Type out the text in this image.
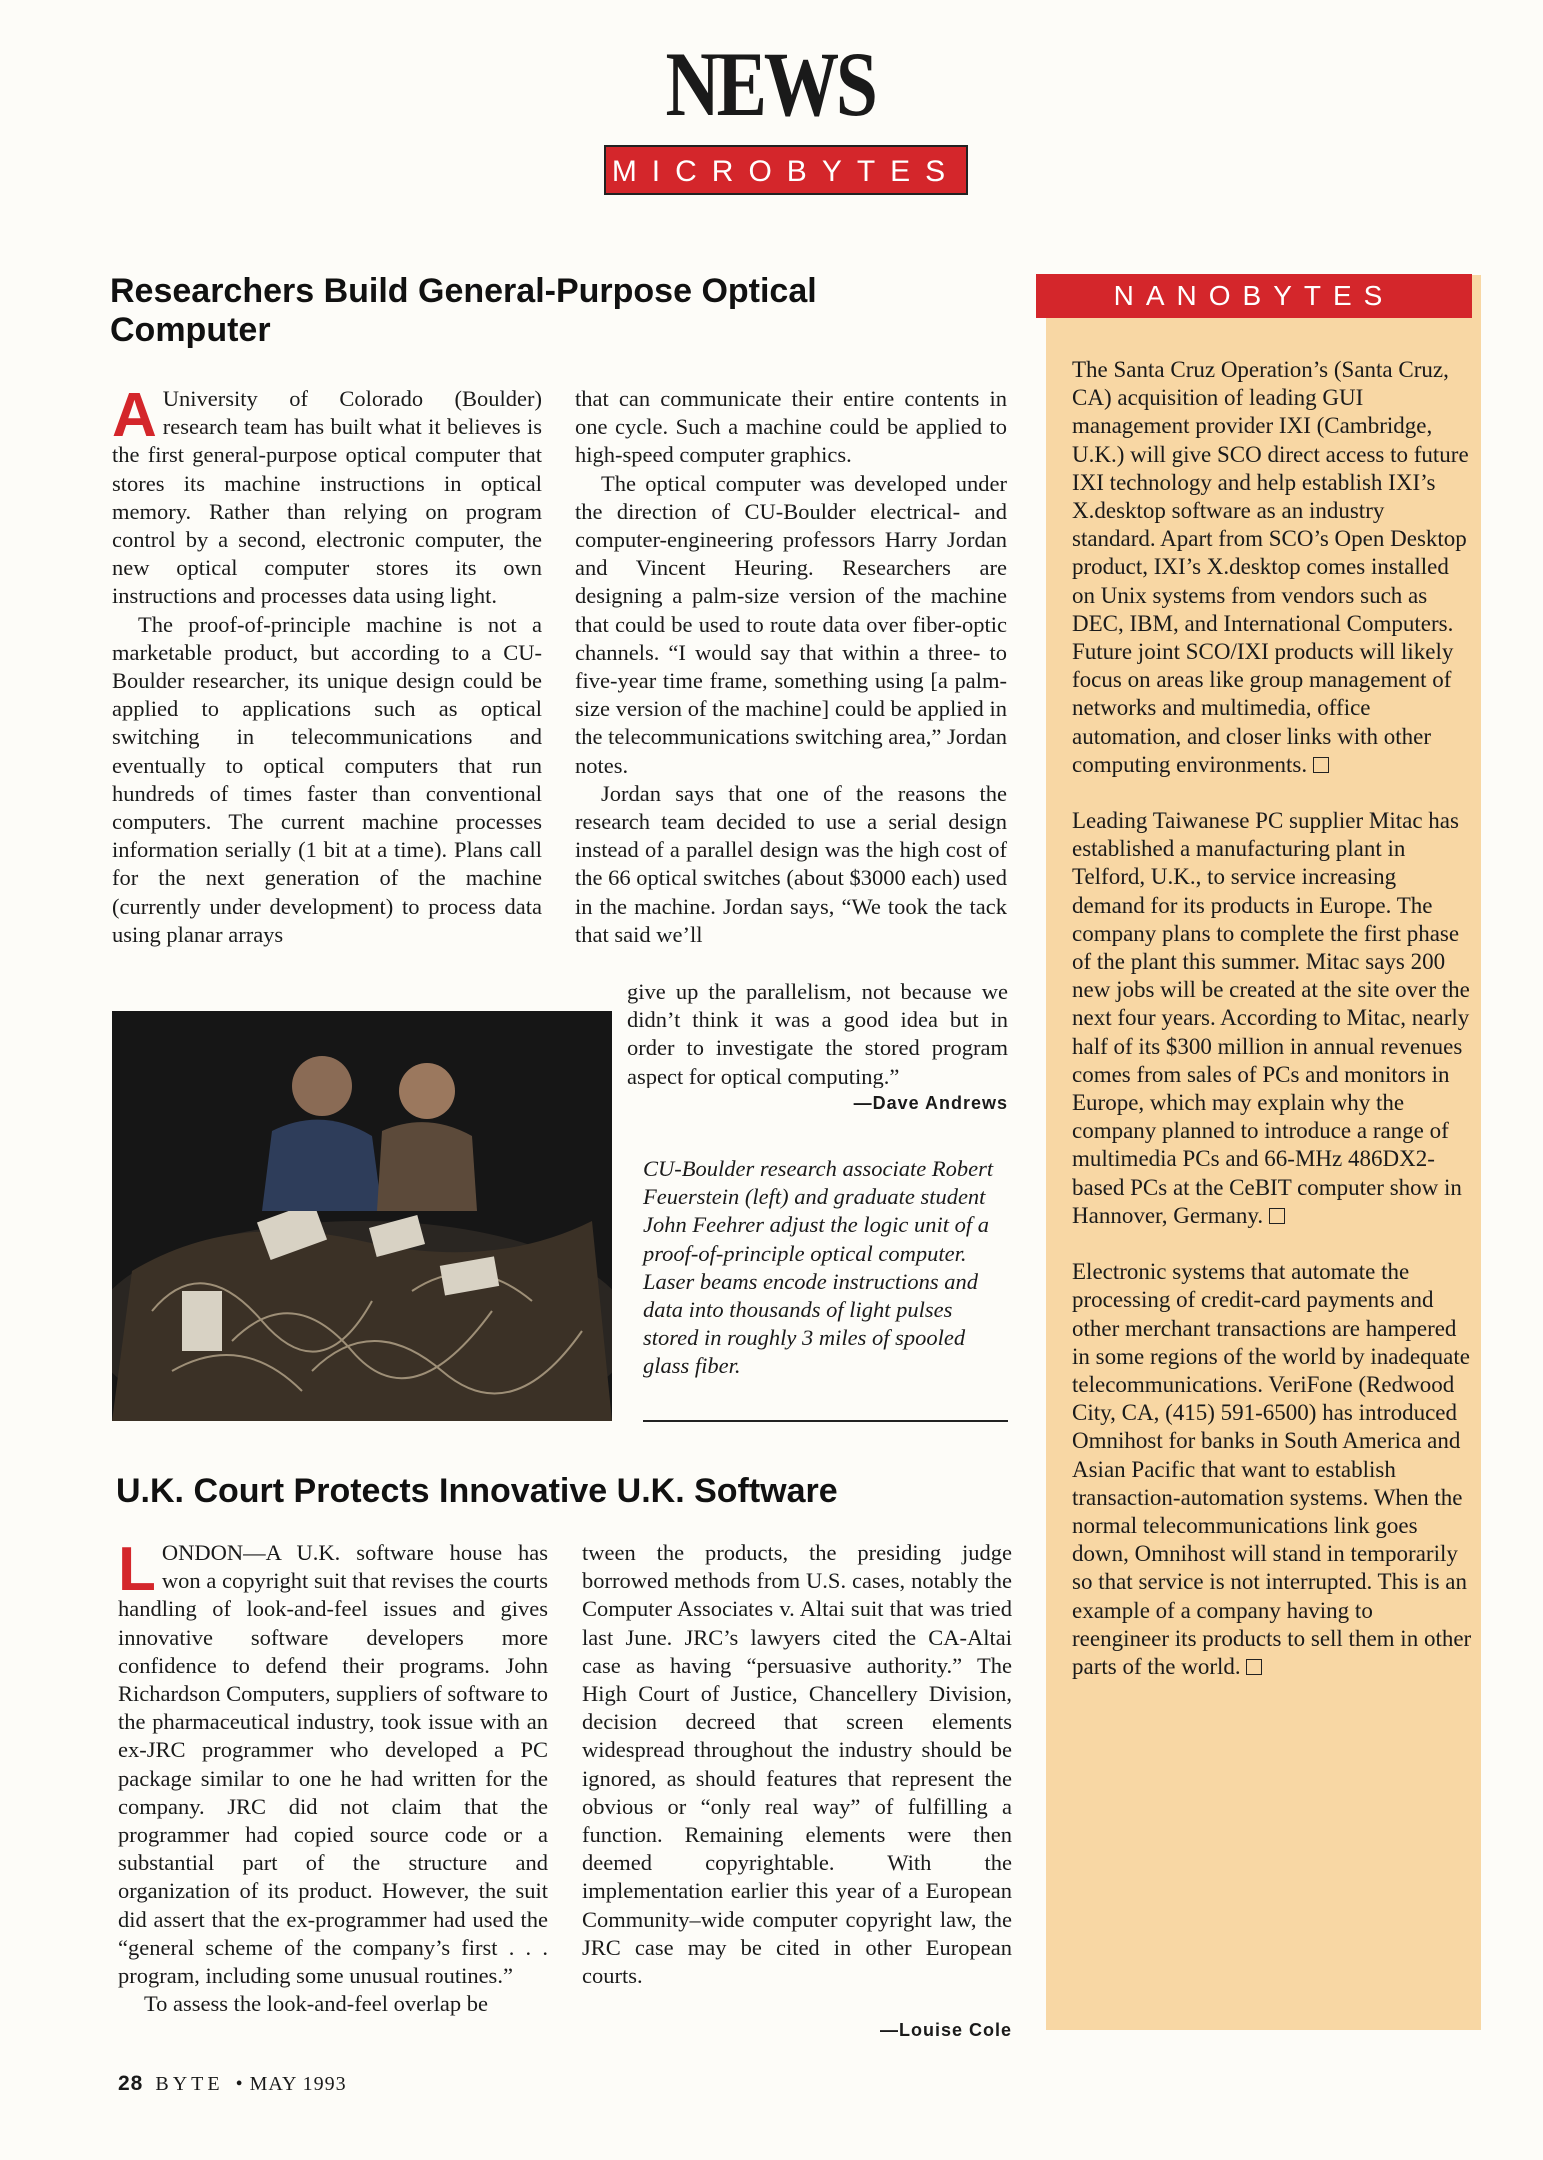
NEWS
MICROBYTES
Researchers Build General-Purpose Optical Computer

A University of Colorado (Boulder) research team has built what it believes is the first general-purpose optical computer that stores its machine instructions in optical memory. Rather than relying on program control by a second, electronic computer, the new optical computer stores its own instructions and processes data using light.

The proof-of-principle machine is not a marketable product, but according to a CU-Boulder researcher, its unique design could be applied to applications such as optical switching in telecommunications and eventually to optical computers that run hundreds of times faster than conventional computers. The current machine processes information serially (1 bit at a time). Plans call for the next generation of the machine (currently under development) to process data using planar arrays

that can communicate their entire contents in one cycle. Such a machine could be applied to high-speed computer graphics.

The optical computer was developed under the direction of CU-Boulder electrical- and computer-engineering professors Harry Jordan and Vincent Heuring. Researchers are designing a palm-size version of the machine that could be used to route data over fiber-optic channels. “I would say that within a three- to five-year time frame, something using [a palm-size version of the machine] could be applied in the telecommunications switching area,” Jordan notes.

Jordan says that one of the reasons the research team decided to use a serial design instead of a parallel design was the high cost of the 66 optical switches (about $3000 each) used in the machine. Jordan says, “We took the tack that said we’ll

give up the parallelism, not because we didn’t think it was a good idea but in order to investigate the stored program aspect for optical computing.”

—Dave Andrews
CU-Boulder research associate Robert Feuerstein (left) and graduate student John Feehrer adjust the logic unit of a proof-of-principle optical computer. Laser beams encode instructions and data into thousands of light pulses stored in roughly 3 miles of spooled glass fiber.
U.K. Court Protects Innovative U.K. Software

LONDON—A U.K. software house has won a copyright suit that revises the courts handling of look-and-feel issues and gives innovative software developers more confidence to defend their programs. John Richardson Computers, suppliers of software to the pharmaceutical industry, took issue with an ex-JRC programmer who developed a PC package similar to one he had written for the company. JRC did not claim that the programmer had copied source code or a substantial part of the structure and organization of its product. However, the suit did assert that the ex-programmer had used the “general scheme of the company’s first . . . program, including some unusual routines.”

To assess the look-and-feel overlap be

tween the products, the presiding judge borrowed methods from U.S. cases, notably the Computer Associates v. Altai suit that was tried last June. JRC’s lawyers cited the CA-Altai case as having “persuasive authority.” The High Court of Justice, Chancellery Division, decision decreed that screen elements widespread throughout the industry should be ignored, as should features that represent the obvious or “only real way” of fulfilling a function. Remaining elements were then deemed copyrightable. With the implementation earlier this year of a European Community–wide computer copyright law, the JRC case may be cited in other European courts.

—Louise Cole
NANOBYTES

The Santa Cruz Operation’s (Santa Cruz, CA) acquisition of leading GUI management provider IXI (Cambridge, U.K.) will give SCO direct access to future IXI technology and help establish IXI’s X.desktop software as an industry standard. Apart from SCO’s Open Desktop product, IXI’s X.desktop comes installed on Unix systems from vendors such as DEC, IBM, and International Computers. Future joint SCO/IXI products will likely focus on areas like group management of networks and multimedia, office automation, and closer links with other computing environments.

Leading Taiwanese PC supplier Mitac has established a manufacturing plant in Telford, U.K., to service increasing demand for its products in Europe. The company plans to complete the first phase of the plant this summer. Mitac says 200 new jobs will be created at the site over the next four years. According to Mitac, nearly half of its $300 million in annual revenues comes from sales of PCs and monitors in Europe, which may explain why the company planned to introduce a range of multimedia PCs and 66-MHz 486DX2-based PCs at the CeBIT computer show in Hannover, Germany.

Electronic systems that automate the processing of credit-card payments and other merchant transactions are hampered in some regions of the world by inadequate telecommunications. VeriFone (Redwood City, CA, (415) 591-6500) has introduced Omnihost for banks in South America and Asian Pacific that want to establish transaction-automation systems. When the normal telecommunications link goes down, Omnihost will stand in temporarily so that service is not interrupted. This is an example of a company having to reengineer its products to sell them in other parts of the world.

28 BYTE  • MAY 1993
